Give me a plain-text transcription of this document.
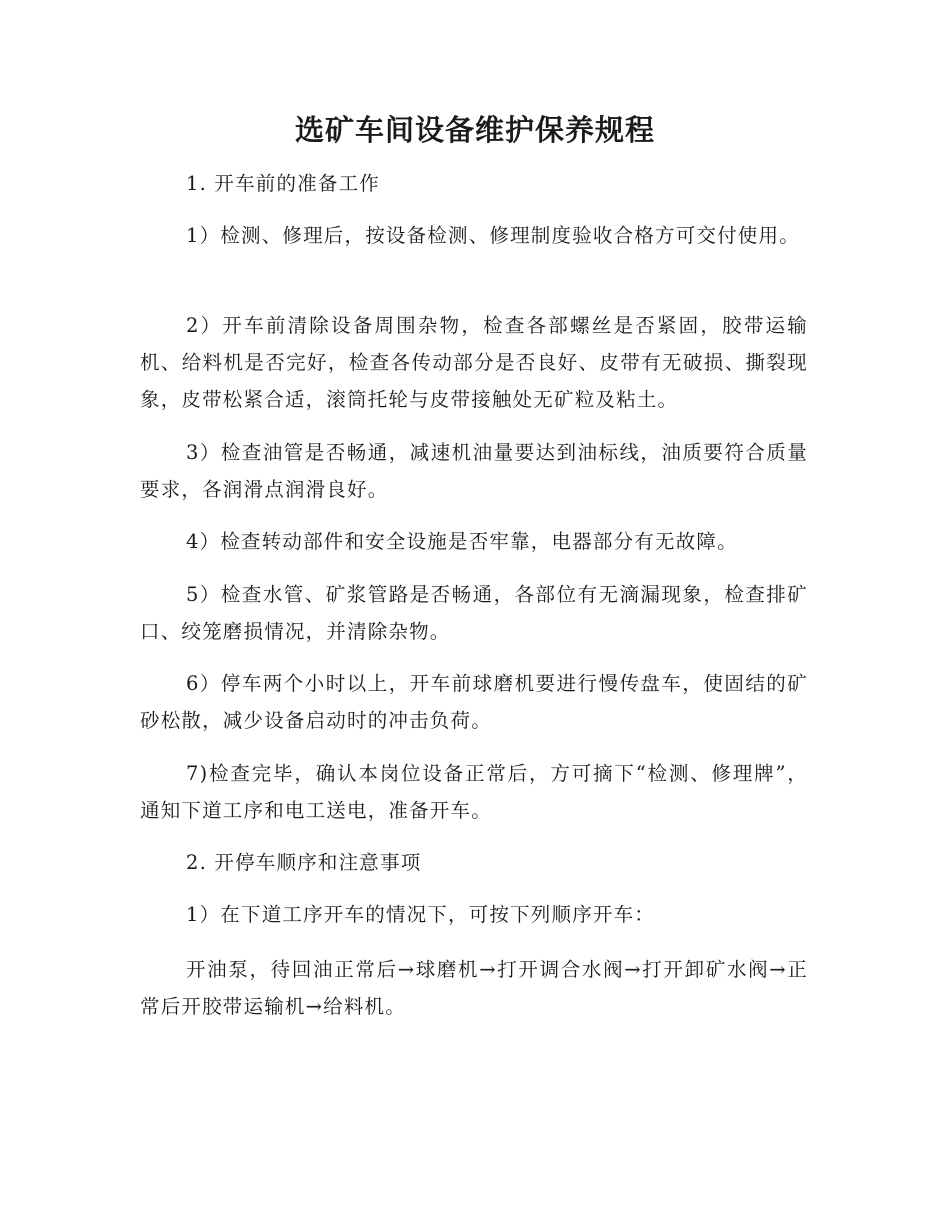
选矿车间设备维护保养规程
1. 开车前的准备工作
1）检测、修理后，按设备检测、修理制度验收合格方可交付使用。
2）开车前清除设备周围杂物，检查各部螺丝是否紧固，胶带运输机、给料机是否完好，检查各传动部分是否良好、皮带有无破损、撕裂现象，皮带松紧合适，滚筒托轮与皮带接触处无矿粒及粘土。
3）检查油管是否畅通，减速机油量要达到油标线，油质要符合质量要求，各润滑点润滑良好。
4）检查转动部件和安全设施是否牢靠，电器部分有无故障。
5）检查水管、矿浆管路是否畅通，各部位有无滴漏现象，检查排矿口、绞笼磨损情况，并清除杂物。
6）停车两个小时以上，开车前球磨机要进行慢传盘车，使固结的矿砂松散，减少设备启动时的冲击负荷。
7)检查完毕，确认本岗位设备正常后，方可摘下“检测、修理牌”，通知下道工序和电工送电，准备开车。
2. 开停车顺序和注意事项
1）在下道工序开车的情况下，可按下列顺序开车：
开油泵，待回油正常后→球磨机→打开调合水阀→打开卸矿水阀→正常后开胶带运输机→给料机。
